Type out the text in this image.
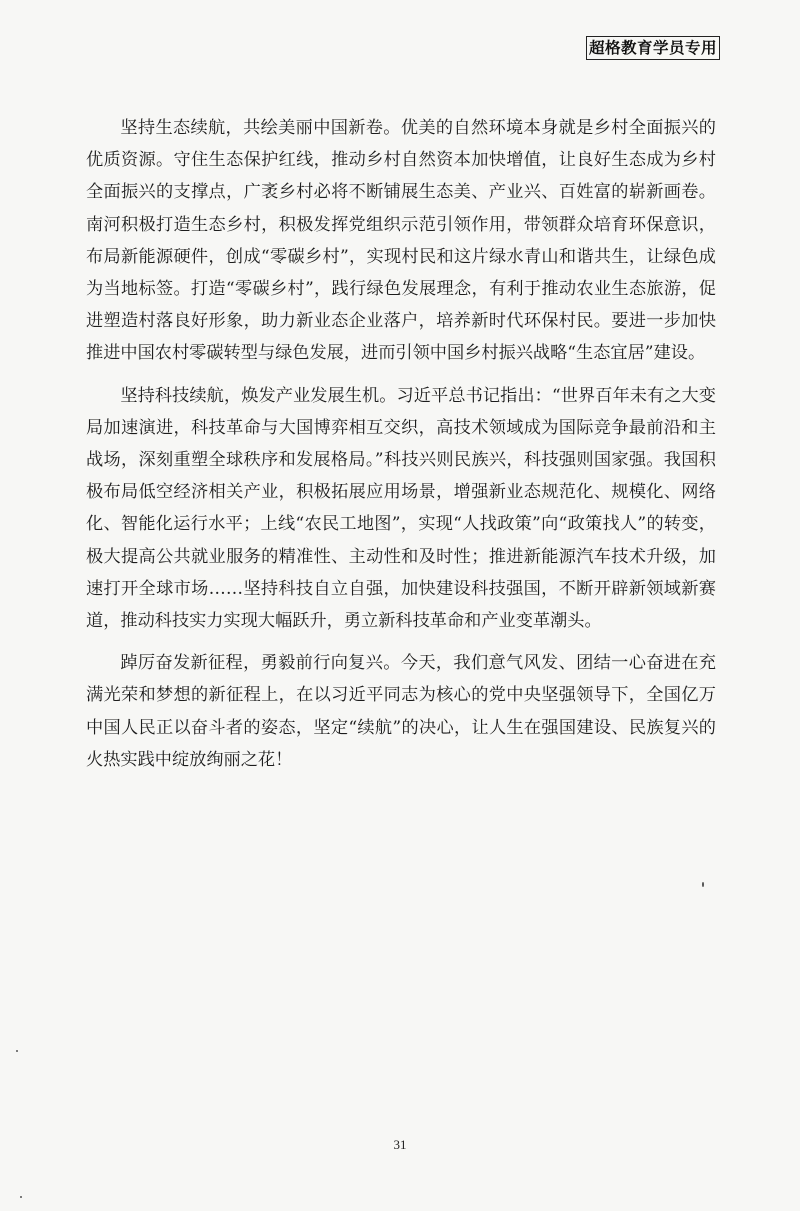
超格教育学员专用

坚持生态续航，共绘美丽中国新卷。优美的自然环境本身就是乡村全面振兴的优质资源。守住生态保护红线，推动乡村自然资本加快增值，让良好生态成为乡村全面振兴的支撑点，广袤乡村必将不断铺展生态美、产业兴、百姓富的崭新画卷。南河积极打造生态乡村，积极发挥党组织示范引领作用，带领群众培育环保意识，布局新能源硬件，创成“零碳乡村”，实现村民和这片绿水青山和谐共生，让绿色成为当地标签。打造“零碳乡村”，践行绿色发展理念，有利于推动农业生态旅游，促进塑造村落良好形象，助力新业态企业落户，培养新时代环保村民。要进一步加快推进中国农村零碳转型与绿色发展，进而引领中国乡村振兴战略“生态宜居”建设。

坚持科技续航，焕发产业发展生机。习近平总书记指出：“世界百年未有之大变局加速演进，科技革命与大国博弈相互交织，高技术领域成为国际竞争最前沿和主战场，深刻重塑全球秩序和发展格局。”科技兴则民族兴，科技强则国家强。我国积极布局低空经济相关产业，积极拓展应用场景，增强新业态规范化、规模化、网络化、智能化运行水平；上线“农民工地图”，实现“人找政策”向“政策找人”的转变，极大提高公共就业服务的精准性、主动性和及时性；推进新能源汽车技术升级，加速打开全球市场……坚持科技自立自强，加快建设科技强国，不断开辟新领域新赛道，推动科技实力实现大幅跃升，勇立新科技革命和产业变革潮头。

踔厉奋发新征程，勇毅前行向复兴。今天，我们意气风发、团结一心奋进在充满光荣和梦想的新征程上，在以习近平同志为核心的党中央坚强领导下，全国亿万中国人民正以奋斗者的姿态，坚定“续航”的决心，让人生在强国建设、民族复兴的火热实践中绽放绚丽之花！

31
